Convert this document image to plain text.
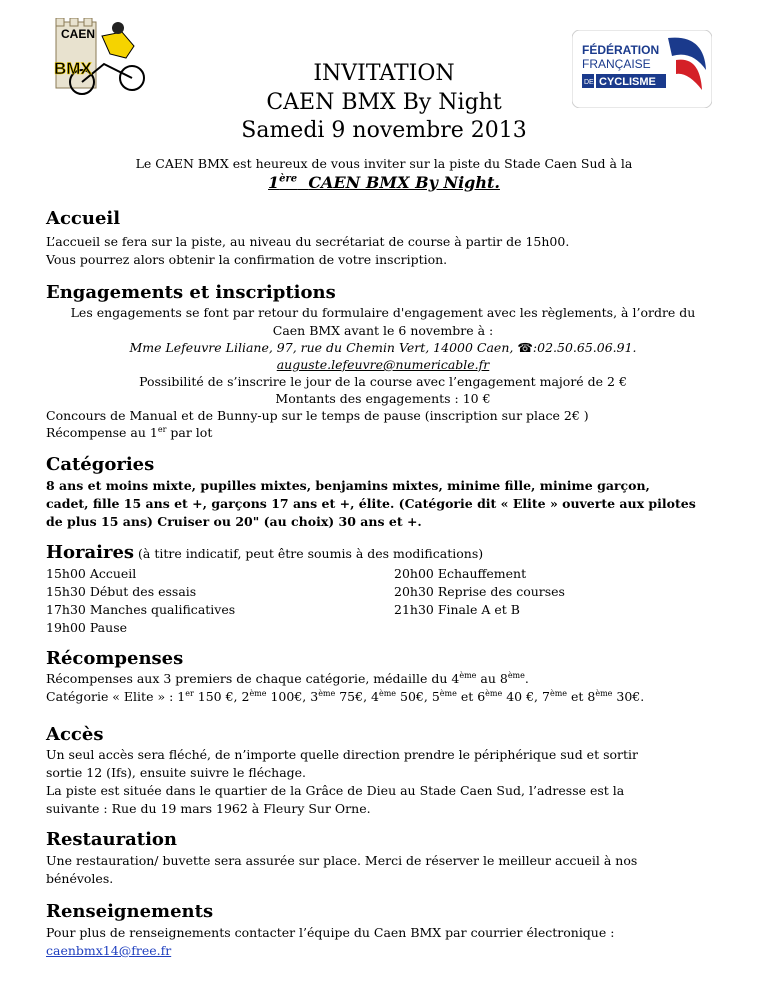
CAEN
BMX
FÉDÉRATION
FRANÇAISE
DE CYCLISME
INVITATION
CAEN BMX By Night
Samedi 9 novembre 2013
Le CAEN BMX est heureux de vous inviter sur la piste du Stade Caen Sud à la
1ère CAEN BMX By Night.
Accueil
L’accueil se fera sur la piste, au niveau du secrétariat de course à partir de 15h00.
Vous pourrez alors obtenir la confirmation de votre inscription.
Engagements et inscriptions
Les engagements se font par retour du formulaire d'engagement avec les règlements, à l’ordre du
Caen BMX avant le 6 novembre à :
Mme Lefeuvre Liliane, 97, rue du Chemin Vert, 14000 Caen, ☎:02.50.65.06.91.
auguste.lefeuvre@numericable.fr
Possibilité de s’inscrire le jour de la course avec l’engagement majoré de 2 €
Montants des engagements : 10 €
Concours de Manual et de Bunny-up sur le temps de pause (inscription sur place 2€ )
Récompense au 1er par lot
Catégories
8 ans et moins mixte, pupilles mixtes, benjamins mixtes, minime fille, minime garçon,
cadet, fille 15 ans et +, garçons 17 ans et +, élite. (Catégorie dit « Elite » ouverte aux pilotes
de plus 15 ans) Cruiser ou 20" (au choix) 30 ans et +.
Horaires (à titre indicatif, peut être soumis à des modifications)
15h00 Accueil
15h30 Début des essais
17h30 Manches qualificatives
19h00 Pause
20h00 Echauffement
20h30 Reprise des courses
21h30 Finale A et B
Récompenses
Récompenses aux 3 premiers de chaque catégorie, médaille du 4ème au 8ème.
Catégorie « Elite » : 1er 150 €, 2ème 100€, 3ème 75€, 4ème 50€, 5ème et 6ème 40 €, 7ème et 8ème 30€.
Accès
Un seul accès sera fléché, de n’importe quelle direction prendre le périphérique sud et sortir
sortie 12 (Ifs), ensuite suivre le fléchage.
La piste est située dans le quartier de la Grâce de Dieu au Stade Caen Sud, l’adresse est la
suivante : Rue du 19 mars 1962 à Fleury Sur Orne.
Restauration
Une restauration/ buvette sera assurée sur place. Merci de réserver le meilleur accueil à nos
bénévoles.
Renseignements
Pour plus de renseignements contacter l’équipe du Caen BMX par courrier électronique :
caenbmx14@free.fr
